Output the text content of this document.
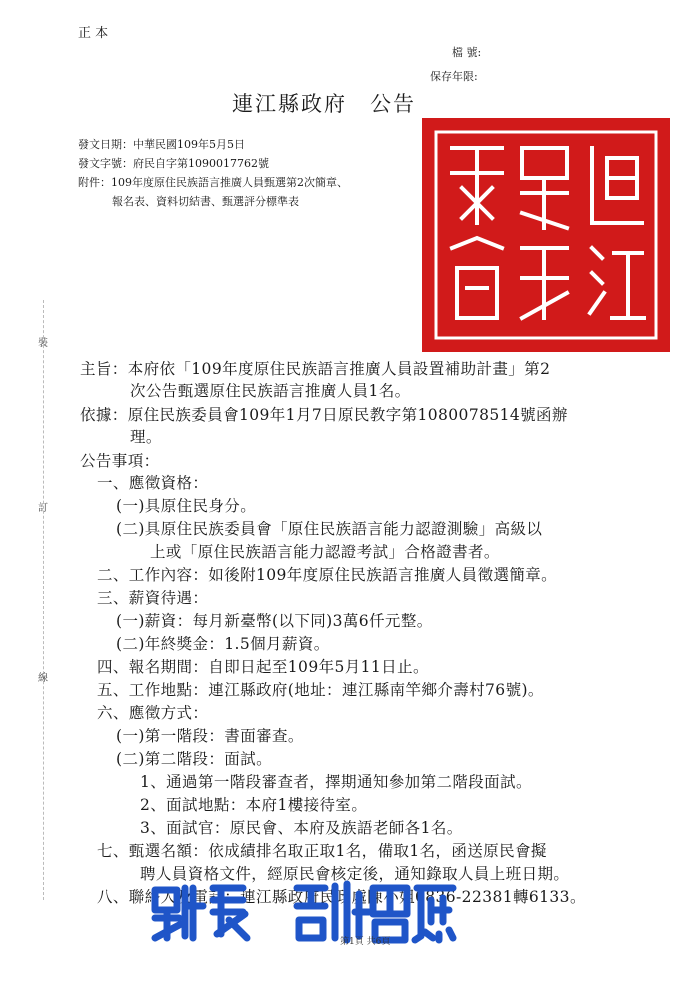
正 本
檔 號:
保存年限:
連江縣政府　公告
發文日期：中華民國109年5月5日
發文字號：府民自字第1090017762號
附件：109年度原住民族語言推廣人員甄選第2次簡章、
報名表、資料切結書、甄選評分標準表
裝
訂
線
主旨：本府依「109年度原住民族語言推廣人員設置補助計畫」第2
次公告甄選原住民族語言推廣人員1名。
依據：原住民族委員會109年1月7日原民教字第1080078514號函辦
理。
公告事項：
一、應徵資格：
(一)具原住民身分。
(二)具原住民族委員會「原住民族語言能力認證測驗」高級以
上或「原住民族語言能力認證考試」合格證書者。
二、工作內容：如後附109年度原住民族語言推廣人員徵選簡章。
三、薪資待遇：
(一)薪資：每月新臺幣(以下同)3萬6仟元整。
(二)年終獎金：1.5個月薪資。
四、報名期間：自即日起至109年5月11日止。
五、工作地點：連江縣政府(地址：連江縣南竿鄉介壽村76號)。
六、應徵方式：
(一)第一階段：書面審查。
(二)第二階段：面試。
1、通過第一階段審查者，擇期通知參加第二階段面試。
2、面試地點：本府1樓接待室。
3、面試官：原民會、本府及族語老師各1名。
七、甄選名額：依成績排名取正取1名，備取1名，函送原民會擬
聘人員資格文件，經原民會核定後，通知錄取人員上班日期。
八、聯絡人及電話：連江縣政府民政處陳小姐0836-22381轉6133。
第1頁 共6頁
